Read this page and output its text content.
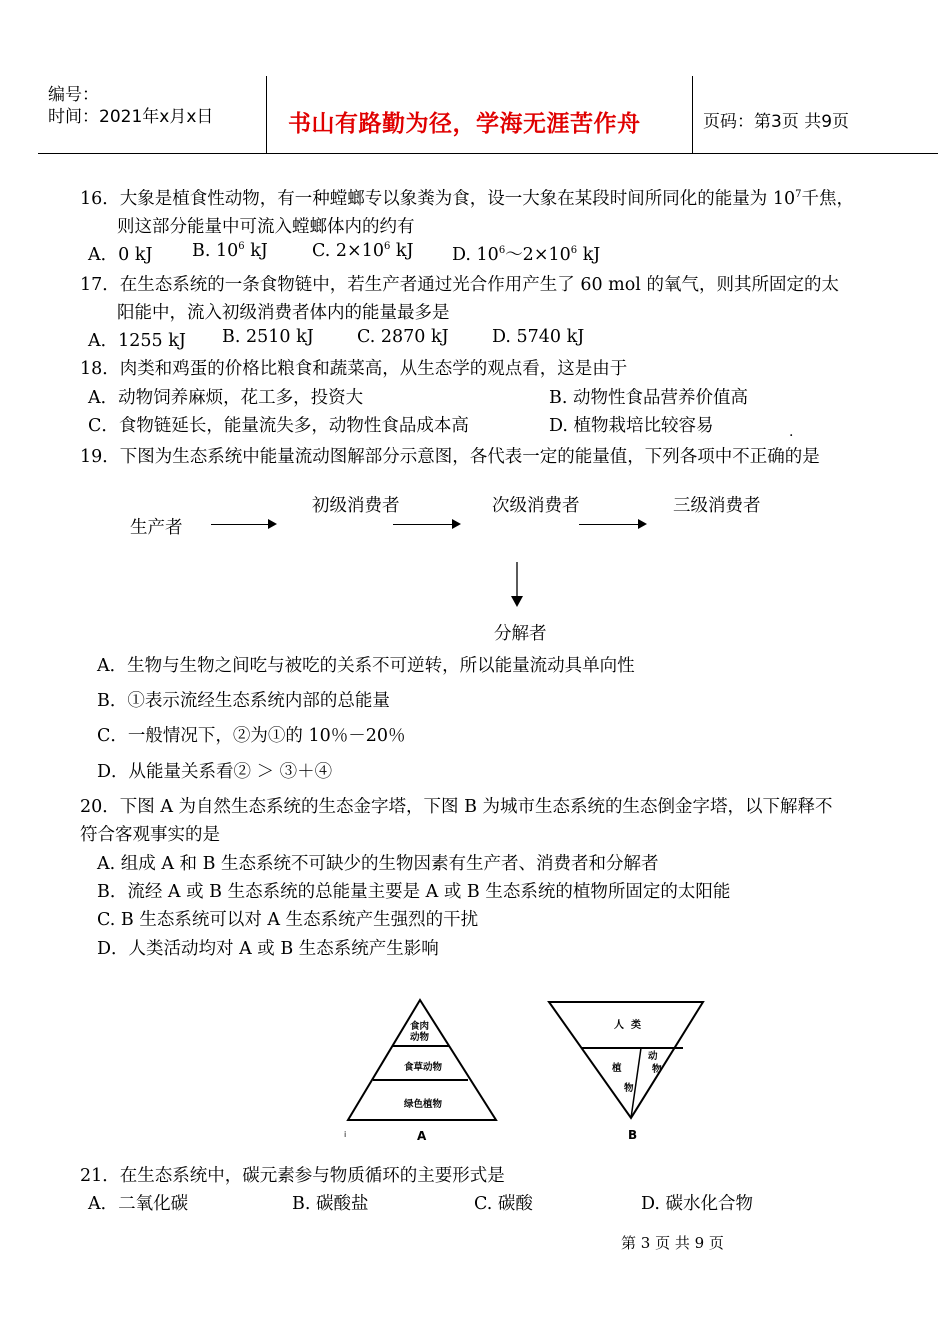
编号：
时间：2021年x月x日	书山有路勤为径，学海无涯苦作舟	页码：第3页 共9页
16．大象是植食性动物，有一种螳螂专以象粪为食，设一大象在某段时间所同化的能量为 $10^7$千焦，
则这部分能量中可流入螳螂体内的约有
A．0 kJ B. $10^6$ kJ	C. $2\times 10^6$ kJ D. $10^6\sim 2\times 10^6$ kJ
17．在生态系统的一条食物链中，若生产者通过光合作用产生了 60 mol 的氧气，则其所固定的太
阳能中，流入初级消费者体内的能量最多是
A．1255 kJ B. 2510 kJ C. 2870 kJ D. 5740 kJ
18．肉类和鸡蛋的价格比粮食和蔬菜高，从生态学的观点看，这是由于
A．动物饲养麻烦，花工多，投资大	B. 动物性食品营养价值高
C．食物链延长，能量流失多，动物性食品成本高	D. 植物栽培比较容易
19．下图为生态系统中能量流动图解部分示意图，各代表一定的能量值，下列各项中不正确的是
·
生产者
初级消费者	次级消费者	三级消费者
分解者
A．生物与生物之间吃与被吃的关系不可逆转，所以能量流动具单向性
B．①表示流经生态系统内部的总能量
C．一般情况下，②为①的 10％－20％
D．从能量关系看② ＞ ③＋④
20．下图 A 为自然生态系统的生态金字塔，下图 B 为城市生态系统的生态倒金字塔，以下解释不
符合客观事实的是
A. 组成 A 和 B 生态系统不可缺少的生物因素有生产者、消费者和分解者
B．流经 A 或 B 生态系统的总能量主要是 A 或 B 生态系统的植物所固定的太阳能
C. B 生态系统可以对 A 生态系统产生强烈的干扰
D．人类活动均对 A 或 B 生态系统产生影响
i
食肉
动物
食草动物
绿色植物
A
人  类
植
物
动
物
B
21．在生态系统中，碳元素参与物质循环的主要形式是
A．二氧化碳	B. 碳酸盐	C. 碳酸	D. 碳水化合物
第 3 页 共 9 页
